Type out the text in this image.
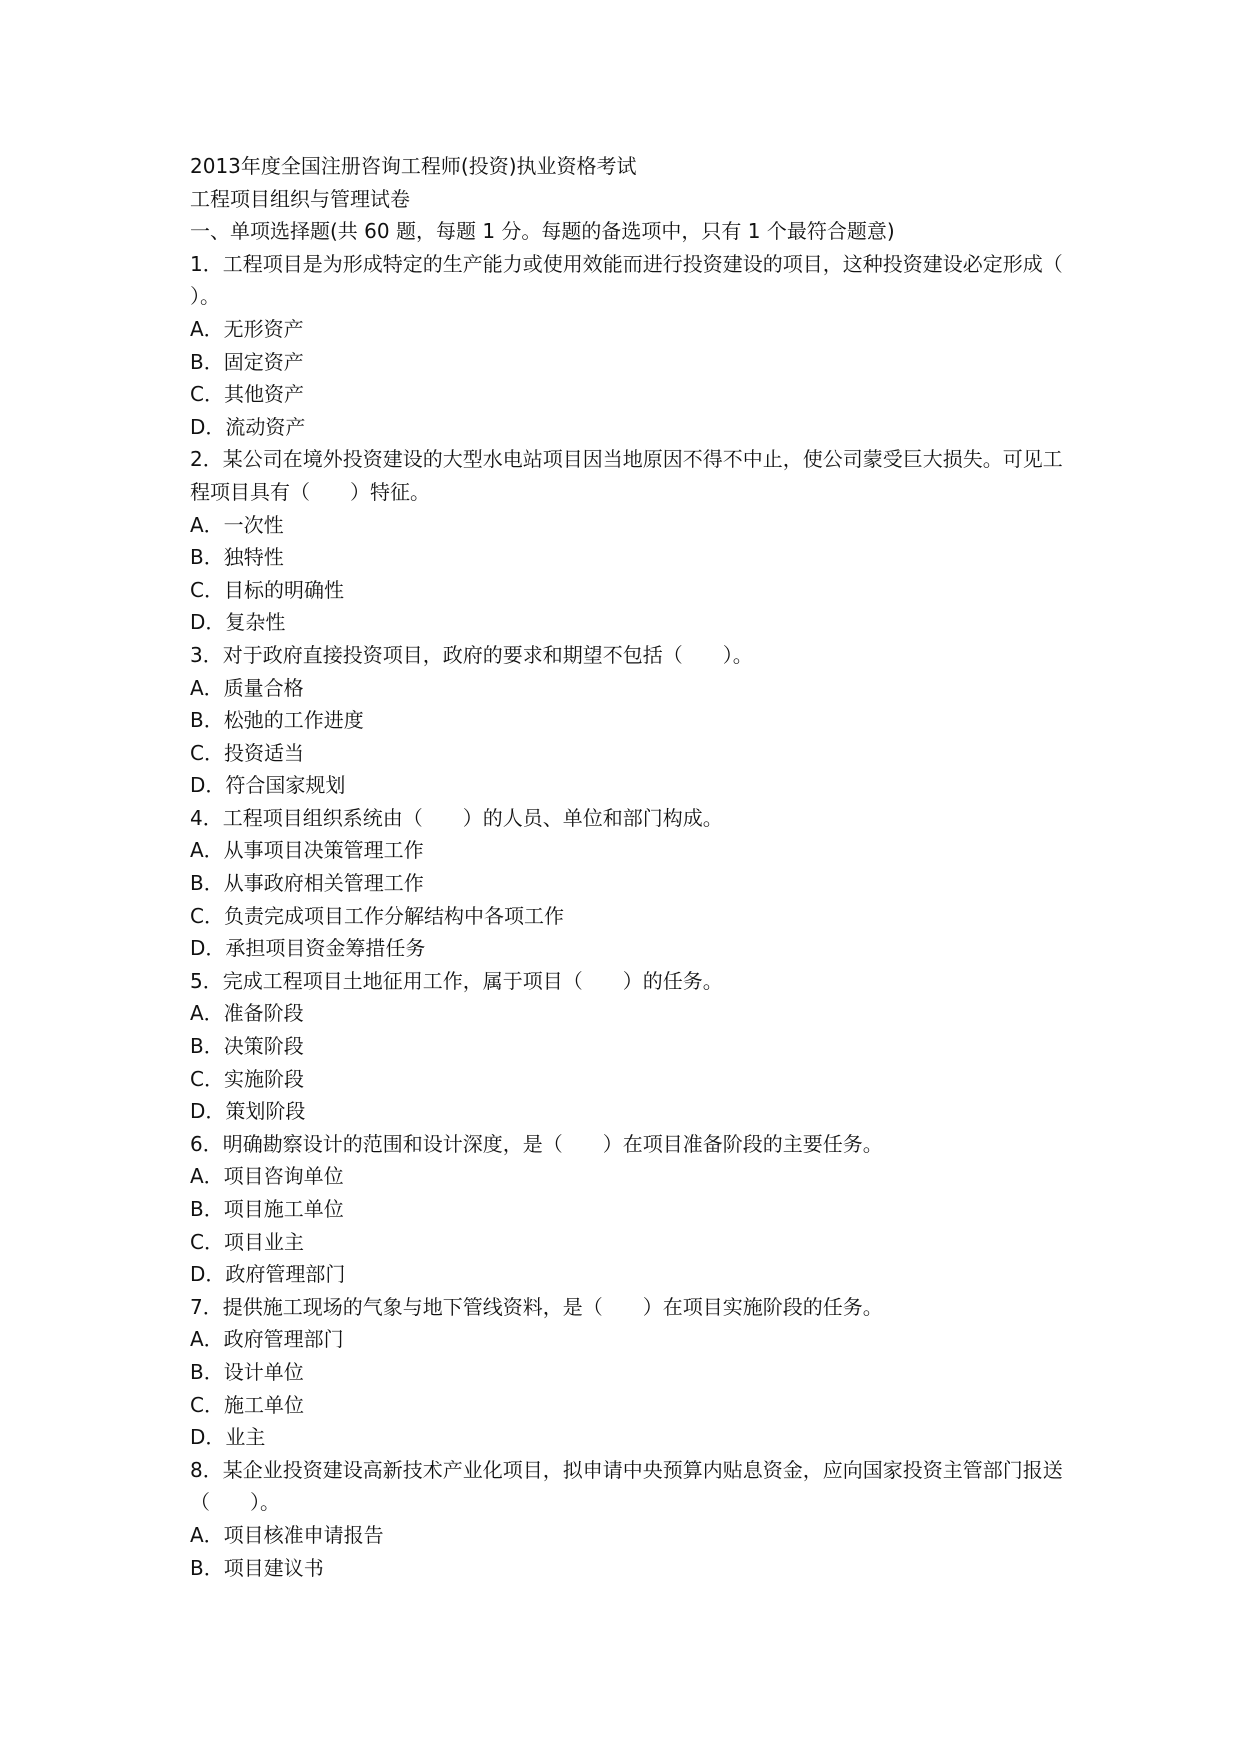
2013年度全国注册咨询工程师(投资)执业资格考试

工程项目组织与管理试卷

一、单项选择题(共 60 题，每题 1 分。每题的备选项中，只有 1 个最符合题意)

1．工程项目是为形成特定的生产能力或使用效能而进行投资建设的项目，这种投资建设必定形成（　　）。

A．无形资产

B．固定资产

C．其他资产

D．流动资产

2．某公司在境外投资建设的大型水电站项目因当地原因不得不中止，使公司蒙受巨大损失。可见工程项目具有（　　）特征。

A．一次性

B．独特性

C．目标的明确性

D．复杂性

3．对于政府直接投资项目，政府的要求和期望不包括（　　）。

A．质量合格

B．松弛的工作进度

C．投资适当

D．符合国家规划

4．工程项目组织系统由（　　）的人员、单位和部门构成。

A．从事项目决策管理工作

B．从事政府相关管理工作

C．负责完成项目工作分解结构中各项工作

D．承担项目资金筹措任务

5．完成工程项目土地征用工作，属于项目（　　）的任务。

A．准备阶段

B．决策阶段

C．实施阶段

D．策划阶段

6．明确勘察设计的范围和设计深度，是（　　）在项目准备阶段的主要任务。

A．项目咨询单位

B．项目施工单位

C．项目业主

D．政府管理部门

7．提供施工现场的气象与地下管线资料，是（　　）在项目实施阶段的任务。

A．政府管理部门

B．设计单位

C．施工单位

D．业主

8．某企业投资建设高新技术产业化项目，拟申请中央预算内贴息资金，应向国家投资主管部门报送（　　）。

A．项目核准申请报告

B．项目建议书
